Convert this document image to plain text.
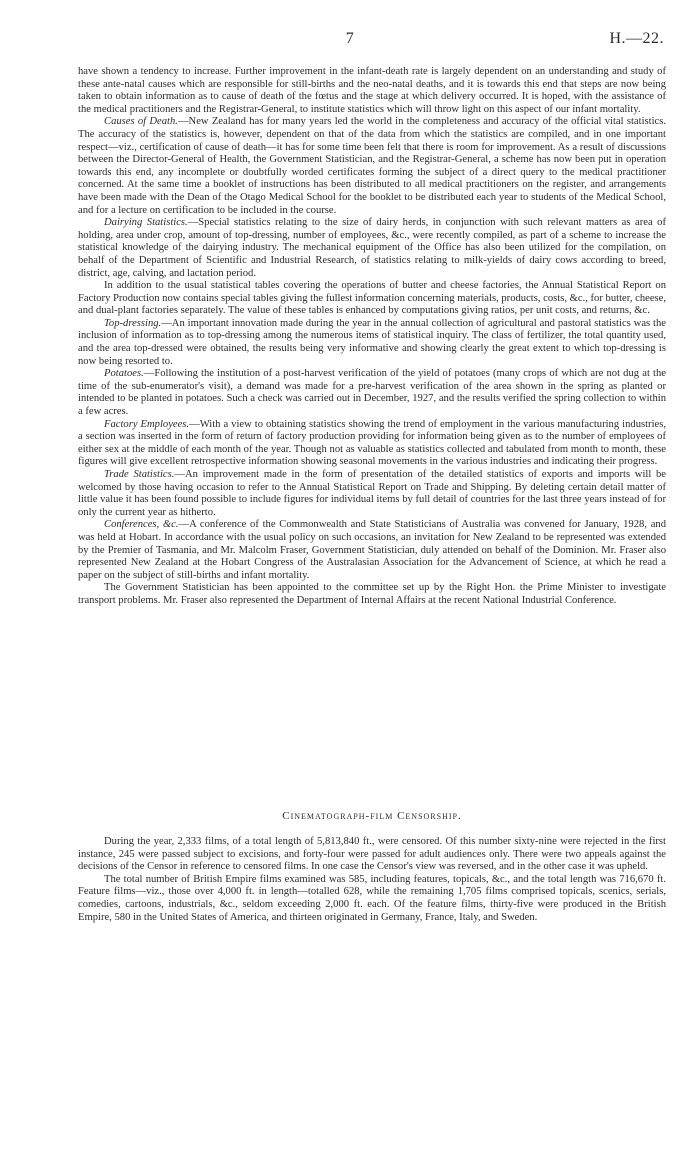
7	H.—22.

have shown a tendency to increase. Further improvement in the infant-death rate is largely dependent on an understanding and study of these ante-natal causes which are responsible for still-births and the neo-natal deaths, and it is towards this end that steps are now being taken to obtain information as to cause of death of the fœtus and the stage at which delivery occurred. It is hoped, with the assistance of the medical practitioners and the Registrar-General, to institute statistics which will throw light on this aspect of our infant mortality.

Causes of Death.—New Zealand has for many years led the world in the completeness and accuracy of the official vital statistics. The accuracy of the statistics is, however, dependent on that of the data from which the statistics are compiled, and in one important respect—viz., certification of cause of death—it has for some time been felt that there is room for improvement. As a result of discussions between the Director-General of Health, the Government Statistician, and the Registrar-General, a scheme has now been put in operation towards this end, any incomplete or doubtfully worded certificates forming the subject of a direct query to the medical practitioner concerned. At the same time a booklet of instructions has been distributed to all medical practitioners on the register, and arrangements have been made with the Dean of the Otago Medical School for the booklet to be distributed each year to students of the Medical School, and for a lecture on certification to be included in the course.

Dairying Statistics.—Special statistics relating to the size of dairy herds, in conjunction with such relevant matters as area of holding, area under crop, amount of top-dressing, number of employees, &c., were recently compiled, as part of a scheme to increase the statistical knowledge of the dairying industry. The mechanical equipment of the Office has also been utilized for the compilation, on behalf of the Department of Scientific and Industrial Research, of statistics relating to milk-yields of dairy cows according to breed, district, age, calving, and lactation period.

In addition to the usual statistical tables covering the operations of butter and cheese factories, the Annual Statistical Report on Factory Production now contains special tables giving the fullest information concerning materials, products, costs, &c., for butter, cheese, and dual-plant factories separately. The value of these tables is enhanced by computations giving ratios, per unit costs, and returns, &c.

Top-dressing.—An important innovation made during the year in the annual collection of agricultural and pastoral statistics was the inclusion of information as to top-dressing among the numerous items of statistical inquiry. The class of fertilizer, the total quantity used, and the area top-dressed were obtained, the results being very informative and showing clearly the great extent to which top-dressing is now being resorted to.

Potatoes.—Following the institution of a post-harvest verification of the yield of potatoes (many crops of which are not dug at the time of the sub-enumerator's visit), a demand was made for a pre-harvest verification of the area shown in the spring as planted or intended to be planted in potatoes. Such a check was carried out in December, 1927, and the results verified the spring collection to within a few acres.

Factory Employees.—With a view to obtaining statistics showing the trend of employment in the various manufacturing industries, a section was inserted in the form of return of factory production providing for information being given as to the number of employees of either sex at the middle of each month of the year. Though not as valuable as statistics collected and tabulated from month to month, these figures will give excellent retrospective information showing seasonal movements in the various industries and indicating their progress.

Trade Statistics.—An improvement made in the form of presentation of the detailed statistics of exports and imports will be welcomed by those having occasion to refer to the Annual Statistical Report on Trade and Shipping. By deleting certain detail matter of little value it has been found possible to include figures for individual items by full detail of countries for the last three years instead of for only the current year as hitherto.

Conferences, &c.—A conference of the Commonwealth and State Statisticians of Australia was convened for January, 1928, and was held at Hobart. In accordance with the usual policy on such occasions, an invitation for New Zealand to be represented was extended by the Premier of Tasmania, and Mr. Malcolm Fraser, Government Statistician, duly attended on behalf of the Dominion. Mr. Fraser also represented New Zealand at the Hobart Congress of the Australasian Association for the Advancement of Science, at which he read a paper on the subject of still-births and infant mortality.

The Government Statistician has been appointed to the committee set up by the Right Hon. the Prime Minister to investigate transport problems. Mr. Fraser also represented the Department of Internal Affairs at the recent National Industrial Conference.

Cinematograph-film Censorship.

During the year, 2,333 films, of a total length of 5,813,840 ft., were censored. Of this number sixty-nine were rejected in the first instance, 245 were passed subject to excisions, and forty-four were passed for adult audiences only. There were two appeals against the decisions of the Censor in reference to censored films. In one case the Censor's view was reversed, and in the other case it was upheld.

The total number of British Empire films examined was 585, including features, topicals, &c., and the total length was 716,670 ft. Feature films—viz., those over 4,000 ft. in length—totalled 628, while the remaining 1,705 films comprised topicals, scenics, serials, comedies, cartoons, industrials, &c., seldom exceeding 2,000 ft. each. Of the feature films, thirty-five were produced in the British Empire, 580 in the United States of America, and thirteen originated in Germany, France, Italy, and Sweden.
